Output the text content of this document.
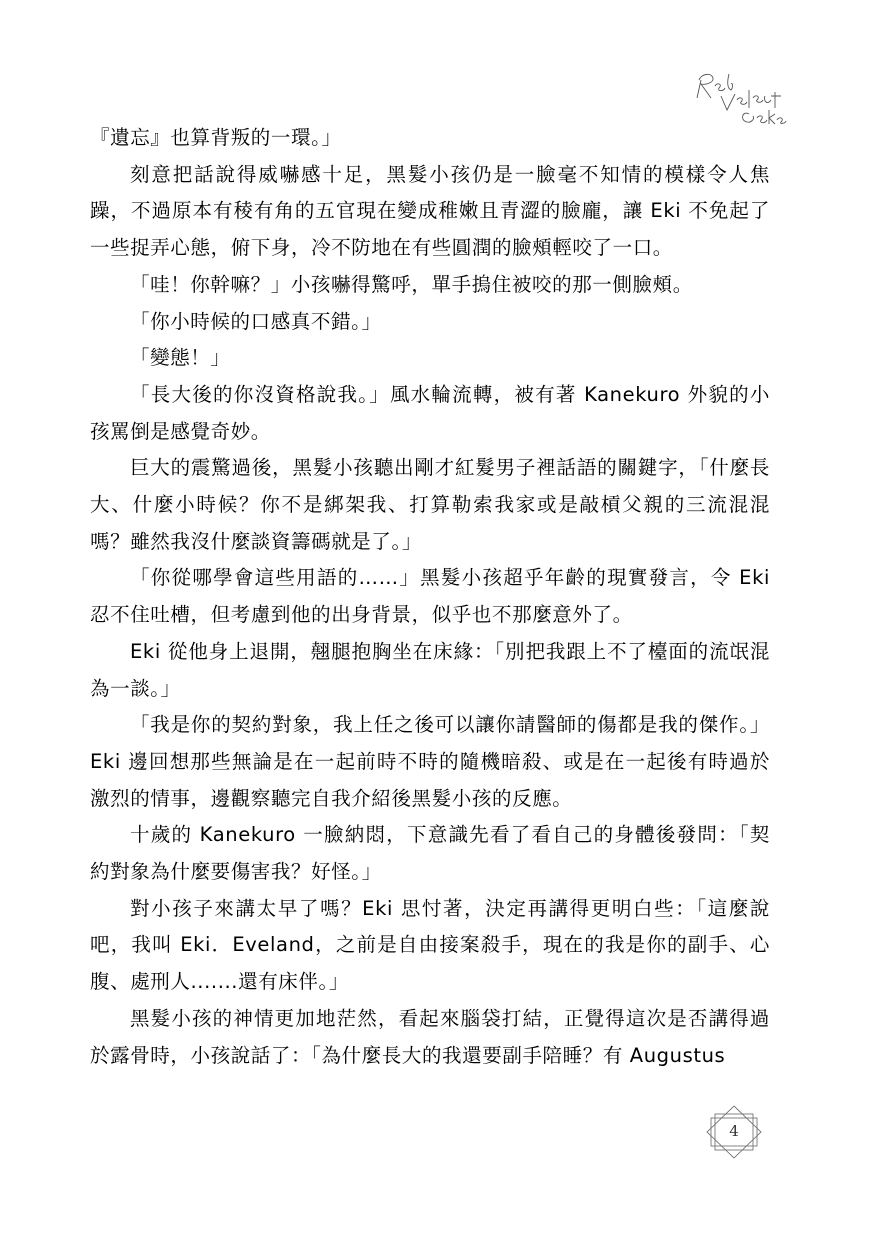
『遺忘』也算背叛的一環。」

刻意把話說得威嚇感十足，黑髮小孩仍是一臉毫不知情的模樣令人焦躁，不過原本有稜有角的五官現在變成稚嫩且青澀的臉龐，讓 Eki 不免起了一些捉弄心態，俯下身，冷不防地在有些圓潤的臉頰輕咬了一口。

「哇！你幹嘛？」小孩嚇得驚呼，單手摀住被咬的那一側臉頰。

「你小時候的口感真不錯。」

「變態！」

「長大後的你沒資格說我。」風水輪流轉，被有著 Kanekuro 外貌的小孩罵倒是感覺奇妙。

巨大的震驚過後，黑髮小孩聽出剛才紅髮男子裡話語的關鍵字，「什麼長大、什麼小時候？你不是綁架我、打算勒索我家或是敲槓父親的三流混混嗎？雖然我沒什麼談資籌碼就是了。」

「你從哪學會這些用語的……」黑髮小孩超乎年齡的現實發言，令 Eki 忍不住吐槽，但考慮到他的出身背景，似乎也不那麼意外了。

Eki 從他身上退開，翹腿抱胸坐在床緣：「別把我跟上不了檯面的流氓混為一談。」

「我是你的契約對象，我上任之後可以讓你請醫師的傷都是我的傑作。」Eki 邊回想那些無論是在一起前時不時的隨機暗殺、或是在一起後有時過於激烈的情事，邊觀察聽完自我介紹後黑髮小孩的反應。

十歲的 Kanekuro 一臉納悶，下意識先看了看自己的身體後發問：「契約對象為什麼要傷害我？好怪。」

對小孩子來講太早了嗎？Eki 思忖著，決定再講得更明白些：「這麼說吧，我叫 Eki．Eveland，之前是自由接案殺手，現在的我是你的副手、心腹、處刑人.......還有床伴。」

黑髮小孩的神情更加地茫然，看起來腦袋打結，正覺得這次是否講得過於露骨時，小孩說話了：「為什麼長大的我還要副手陪睡？有 Augustus

4
